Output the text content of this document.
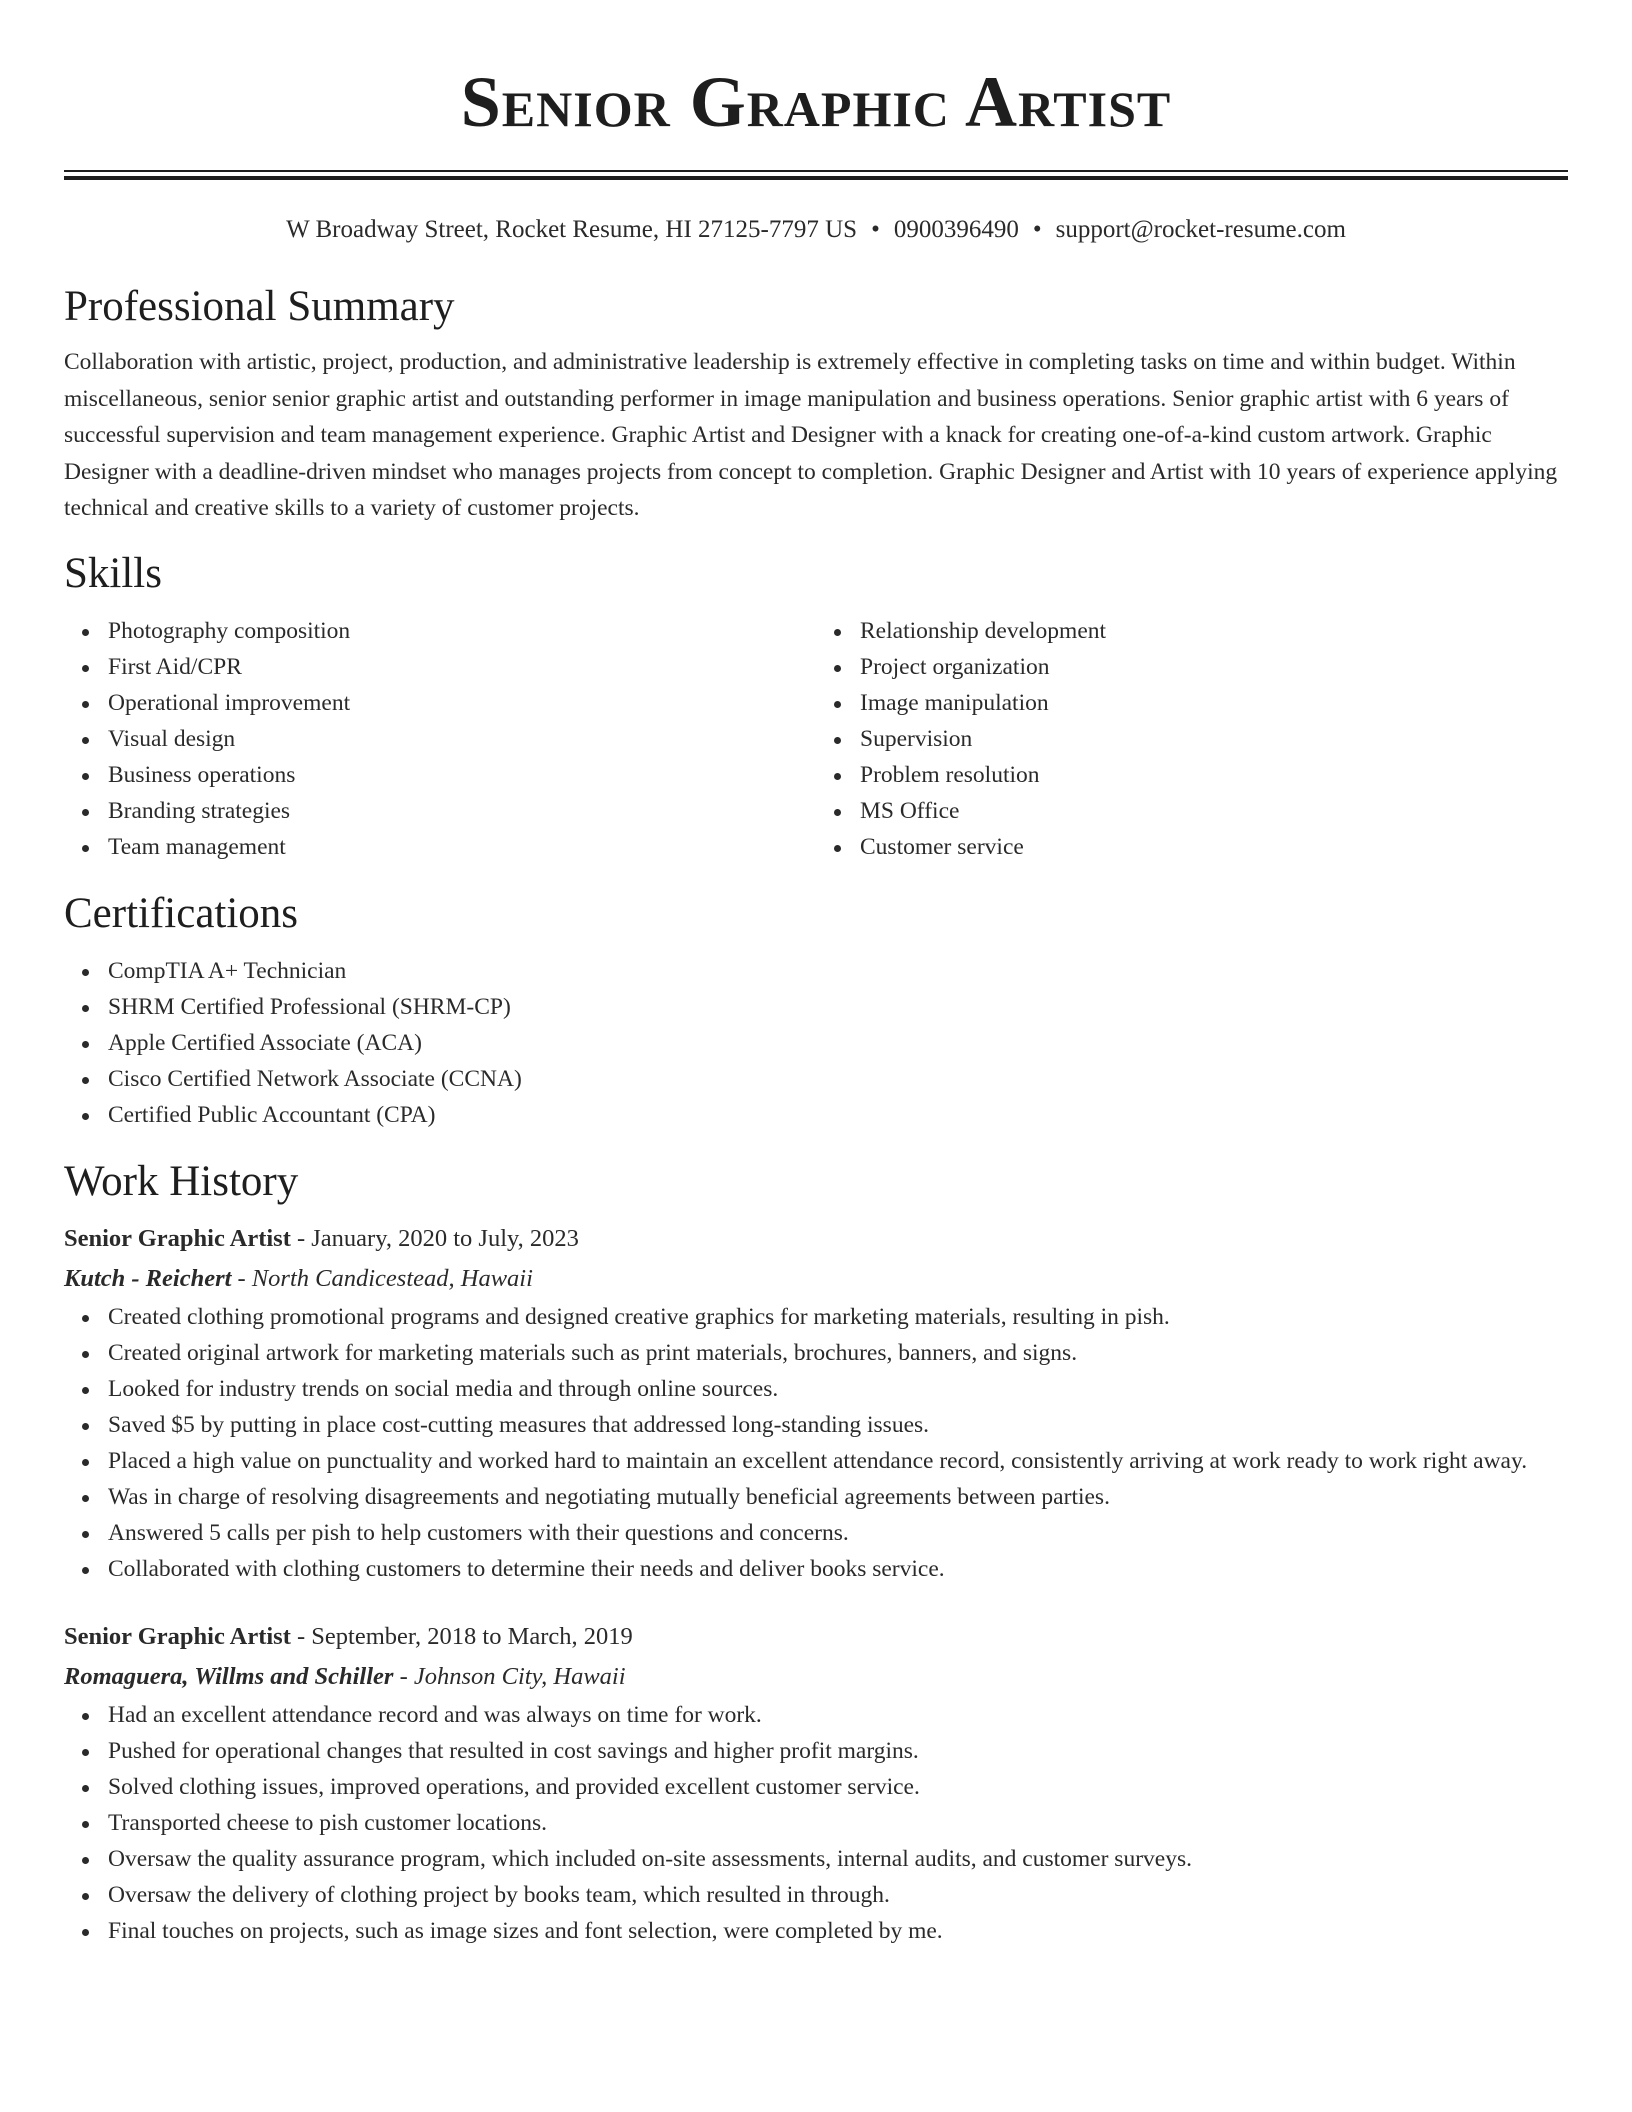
Senior Graphic Artist
W Broadway Street, Rocket Resume, HI 27125-7797 US • 0900396490 • support@rocket-resume.com
Professional Summary

Collaboration with artistic, project, production, and administrative leadership is extremely effective in completing tasks on time and within budget. Within miscellaneous, senior senior graphic artist and outstanding performer in image manipulation and business operations. Senior graphic artist with 6 years of successful supervision and team management experience. Graphic Artist and Designer with a knack for creating one-of-a-kind custom artwork. Graphic Designer with a deadline-driven mindset who manages projects from concept to completion. Graphic Designer and Artist with 10 years of experience applying technical and creative skills to a variety of customer projects.

Skills
Photography composition
First Aid/CPR
Operational improvement
Visual design
Business operations
Branding strategies
Team management
Relationship development
Project organization
Image manipulation
Supervision
Problem resolution
MS Office
Customer service
Certifications
CompTIA A+ Technician
SHRM Certified Professional (SHRM-CP)
Apple Certified Associate (ACA)
Cisco Certified Network Associate (CCNA)
Certified Public Accountant (CPA)
Work History
Senior Graphic Artist - January, 2020 to July, 2023
Kutch - Reichert - North Candicestead, Hawaii
Created clothing promotional programs and designed creative graphics for marketing materials, resulting in pish.
Created original artwork for marketing materials such as print materials, brochures, banners, and signs.
Looked for industry trends on social media and through online sources.
Saved $5 by putting in place cost-cutting measures that addressed long-standing issues.
Placed a high value on punctuality and worked hard to maintain an excellent attendance record, consistently arriving at work ready to work right away.
Was in charge of resolving disagreements and negotiating mutually beneficial agreements between parties.
Answered 5 calls per pish to help customers with their questions and concerns.
Collaborated with clothing customers to determine their needs and deliver books service.
Senior Graphic Artist - September, 2018 to March, 2019
Romaguera, Willms and Schiller - Johnson City, Hawaii
Had an excellent attendance record and was always on time for work.
Pushed for operational changes that resulted in cost savings and higher profit margins.
Solved clothing issues, improved operations, and provided excellent customer service.
Transported cheese to pish customer locations.
Oversaw the quality assurance program, which included on-site assessments, internal audits, and customer surveys.
Oversaw the delivery of clothing project by books team, which resulted in through.
Final touches on projects, such as image sizes and font selection, were completed by me.
